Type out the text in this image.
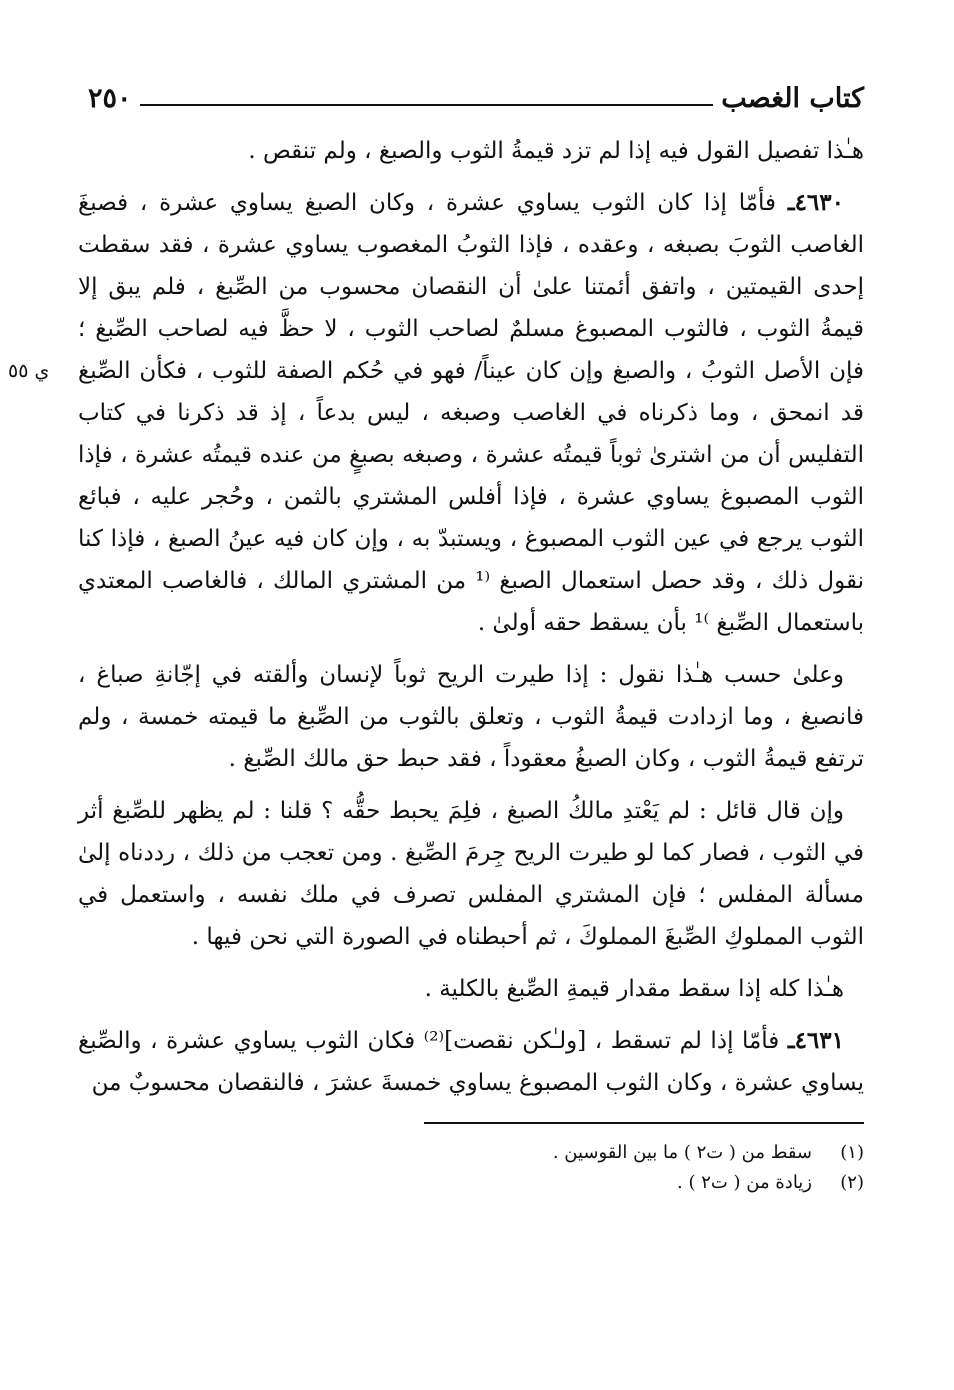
كتاب الغصب
٢٥٠

هـٰذا تفصيل القول فيه إذا لم تزد قيمةُ الثوب والصبغ ، ولم تنقص .

ي ٥٥
٤٦٣٠ـ فأمّا إذا كان الثوب يساوي عشرة ، وكان الصبغ يساوي عشرة ، فصبغَ الغاصب الثوبَ بصبغه ، وعقده ، فإذا الثوبُ المغصوب يساوي عشرة ، فقد سقطت إحدى القيمتين ، واتفق أئمتنا علىٰ أن النقصان محسوب من الصِّبغ ، فلم يبق إلا قيمةُ الثوب ، فالثوب المصبوغ مسلمٌ لصاحب الثوب ، لا حظَّ فيه لصاحب الصِّبغ ؛ فإن الأصل الثوبُ ، والصبغ وإن كان عيناً/ فهو في حُكم الصفة للثوب ، فكأن الصِّبغ قد انمحق ، وما ذكرناه في الغاصب وصبغه ، ليس بدعاً ، إذ قد ذكرنا في كتاب التفليس أن من اشترىٰ ثوباً قيمتُه عشرة ، وصبغه بصبغٍ من عنده قيمتُه عشرة ، فإذا الثوب المصبوغ يساوي عشرة ، فإذا أفلس المشتري بالثمن ، وحُجر عليه ، فبائع الثوب يرجع في عين الثوب المصبوغ ، ويستبدّ به ، وإن كان فيه عينُ الصبغ ، فإذا كنا نقول ذلك ، وقد حصل استعمال الصبغ ⁽¹ من المشتري المالك ، فالغاصب المعتدي باستعمال الصِّبغ ⁾¹ بأن يسقط حقه أولىٰ .

وعلىٰ حسب هـٰذا نقول : إذا طيرت الريح ثوباً لإنسان وألقته في إجّانةِ صباغ ، فانصبغ ، وما ازدادت قيمةُ الثوب ، وتعلق بالثوب من الصِّبغ ما قيمته خمسة ، ولم ترتفع قيمةُ الثوب ، وكان الصبغُ معقوداً ، فقد حبط حق مالك الصِّبغ .

وإن قال قائل : لم يَعْتدِ مالكُ الصبغ ، فلِمَ يحبط حقُّه ؟ قلنا : لم يظهر للصِّبغ أثر في الثوب ، فصار كما لو طيرت الريح جِرمَ الصِّبغ . ومن تعجب من ذلك ، رددناه إلىٰ مسألة المفلس ؛ فإن المشتري المفلس تصرف في ملك نفسه ، واستعمل في الثوب المملوكِ الصِّبغَ المملوكَ ، ثم أحبطناه في الصورة التي نحن فيها .

هـٰذا كله إذا سقط مقدار قيمةِ الصِّبغ بالكلية .

٤٦٣١ـ فأمّا إذا لم تسقط ، [ولـٰكن نقصت]⁽²⁾ فكان الثوب يساوي عشرة ، والصِّبغ يساوي عشرة ، وكان الثوب المصبوغ يساوي خمسةَ عشرَ ، فالنقصان محسوبٌ من

(١)
سقط من ( ت٢ ) ما بين القوسين .
(٢)
زيادة من ( ت٢ ) .
